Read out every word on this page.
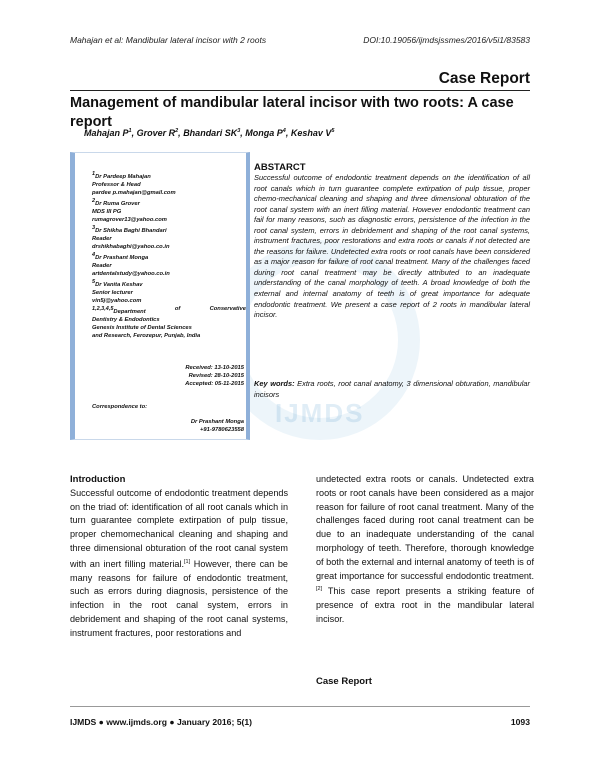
Mahajan et al: Mandibular lateral incisor with 2 roots	DOI:10.19056/ijmdsjssmes/2016/v5i1/83583
Case Report
Management of mandibular lateral incisor with two roots: A case report
Mahajan $P^1$, Grover $R^2$, Bhandari $SK^3$, Monga $P^4$, Keshav $V^5$
IJMDS
$^1$Dr Pardeep Mahajan
Professor & Head
pardee p.mahajan@gmail.com
$^2$Dr Ruma Grover
MDS III PG
rumagrover13@yahoo.com
$^3$Dr Shikha Baghi Bhandari
Reader
drshikhabaghi@yahoo.co.in
$^4$Dr Prashant Monga
Reader
artdentalstudy@yahoo.co.in
$^5$Dr Vanita Keshav
Senior lecturer
vin5j@yahoo.com
$^{1,2,3,4,5}$Department	of	Conservative
Dentistry & Endodontics
Genesis Institute of Dental Sciences
and Research, Ferozepur, Punjab, India
Received: 13-10-2015
Revised: 28-10-2015
Accepted: 05-11-2015
Correspondence to:
Dr Prashant Monga
+91-9780623558
ABSTARCT
Successful outcome of endodontic treatment depends on the identification of all root canals which in turn guarantee complete extirpation of pulp tissue, proper chemo-mechanical cleaning and shaping and three dimensional obturation of the root canal system with an inert filling material. However endodontic treatment can fail for many reasons, such as diagnostic errors, persistence of the infection in the root canal system, errors in debridement and shaping of the root canal systems, instrument fractures, poor restorations and extra roots or canals if not detected are the reasons for failure. Undetected extra roots or root canals have been considered as a major reason for failure of root canal treatment. Many of the challenges faced during root canal treatment may be directly attributed to an inadequate understanding of the canal morphology of teeth. A broad knowledge of both the external and internal anatomy of teeth is of great importance for adequate endodontic treatment. We present a case report of 2 roots in mandibular lateral incisor.
Key words: Extra roots, root canal anatomy, 3 dimensional obturation, mandibular incisors
Introduction
Successful outcome of endodontic treatment depends on the triad of: identification of all root canals which in turn guarantee complete extirpation of pulp tissue, proper chemomechanical cleaning and shaping and three dimensional obturation of the root canal system with an inert filling material.[1] However, there can be many reasons for failure of endodontic treatment, such as errors during diagnosis, persistence of the infection in the root canal system, errors in debridement and shaping of the root canal systems, instrument fractures, poor restorations and
undetected extra roots or canals. Undetected extra roots or root canals have been considered as a major reason for failure of root canal treatment. Many of the challenges faced during root canal treatment can be due to an inadequate understanding of the canal morphology of teeth. Therefore, thorough knowledge of both the external and internal anatomy of teeth is of great importance for successful endodontic treatment.[2] This case report presents a striking feature of presence of extra root in the mandibular lateral incisor.
Case Report
IJMDS ● www.ijmds.org ● January 2016; 5(1)	1093
